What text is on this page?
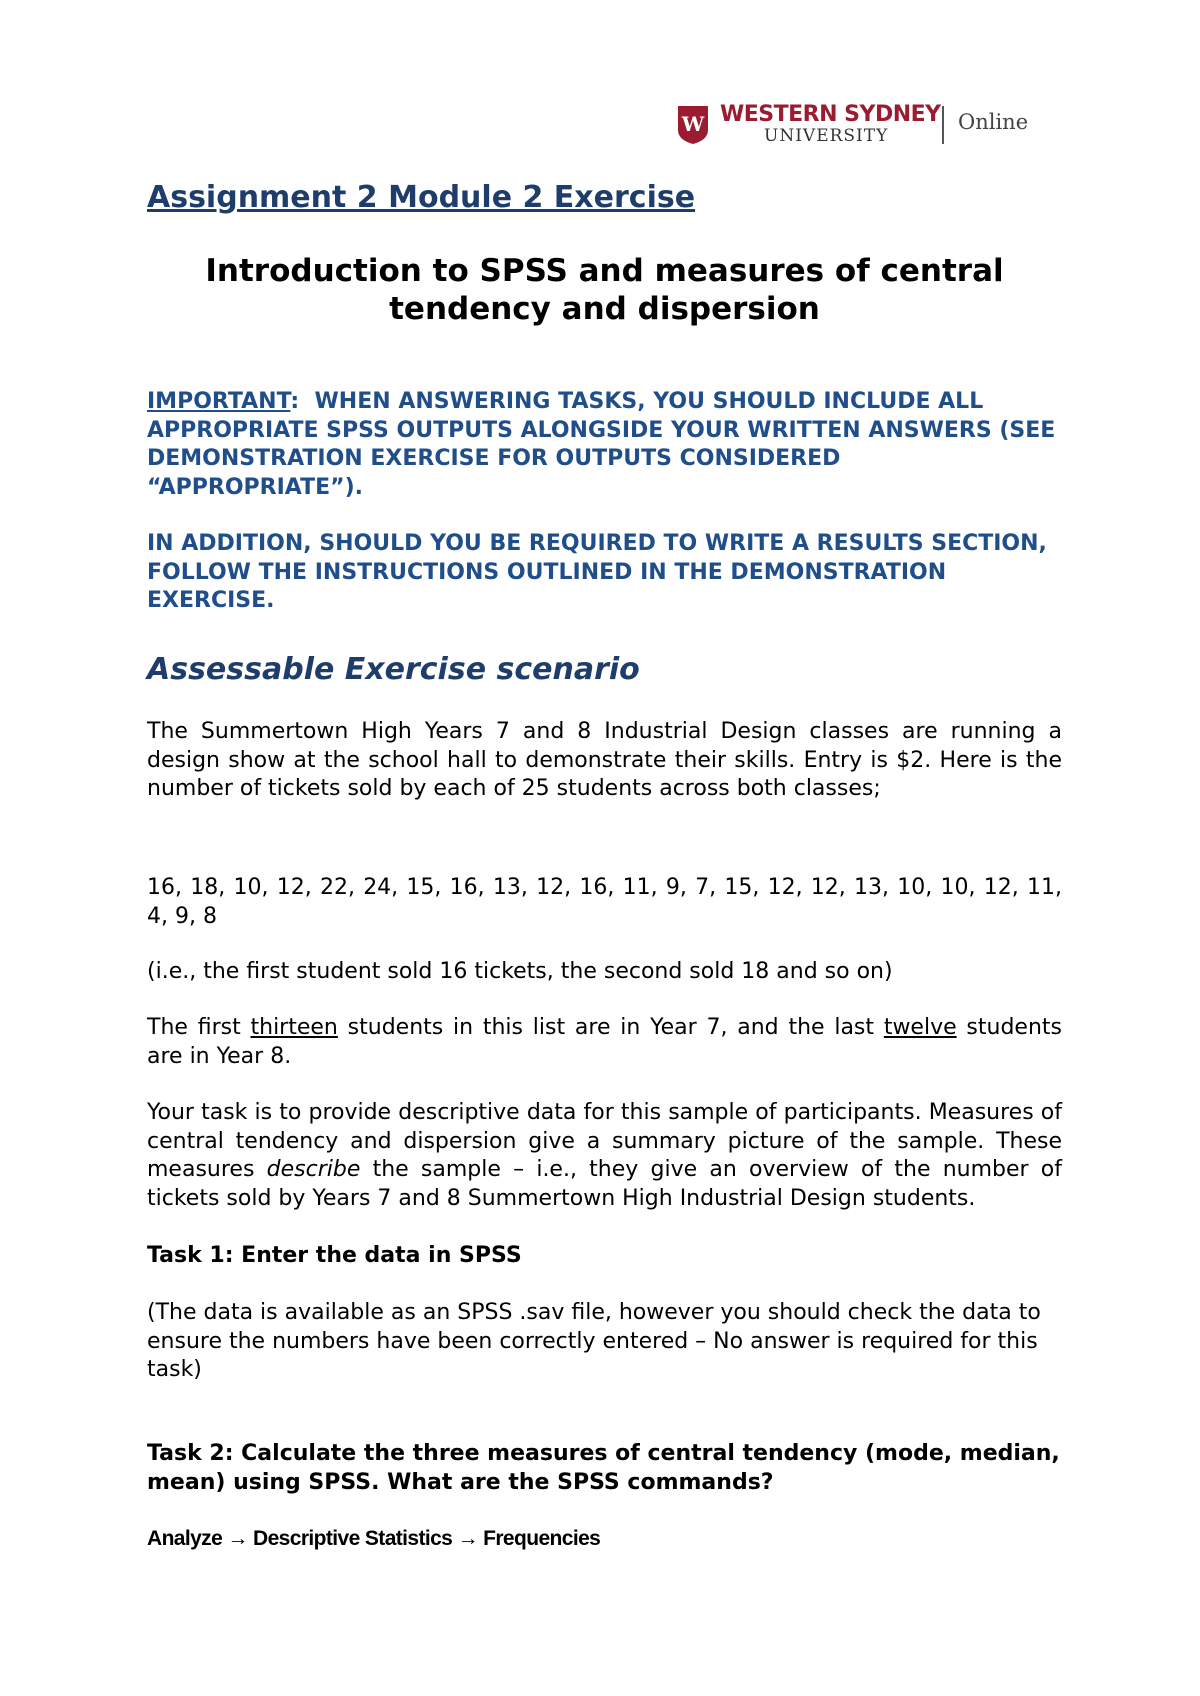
W WESTERN SYDNEY
UNIVERSITY
Online
Assignment 2 Module 2 Exercise
Introduction to SPSS and measures of central
tendency and dispersion

IMPORTANT:  WHEN ANSWERING TASKS, YOU SHOULD INCLUDE ALL APPROPRIATE SPSS OUTPUTS ALONGSIDE YOUR WRITTEN ANSWERS (SEE DEMONSTRATION EXERCISE FOR OUTPUTS CONSIDERED “APPROPRIATE”).

IN ADDITION, SHOULD YOU BE REQUIRED TO WRITE A RESULTS SECTION, FOLLOW THE INSTRUCTIONS OUTLINED IN THE DEMONSTRATION EXERCISE.

Assessable Exercise scenario

The Summertown High Years 7 and 8 Industrial Design classes are running a design show at the school hall to demonstrate their skills. Entry is $2. Here is the number of tickets sold by each of 25 students across both classes;

16, 18, 10, 12, 22, 24, 15, 16, 13, 12, 16, 11, 9, 7, 15, 12, 12, 13, 10, 10, 12, 11, 4, 9, 8

(i.e., the first student sold 16 tickets, the second sold 18 and so on)

The first thirteen students in this list are in Year 7, and the last twelve students are in Year 8.

Your task is to provide descriptive data for this sample of participants. Measures of central tendency and dispersion give a summary picture of the sample. These measures describe the sample – i.e., they give an overview of the number of tickets sold by Years 7 and 8 Summertown High Industrial Design students.

Task 1: Enter the data in SPSS

(The data is available as an SPSS .sav file, however you should check the data to ensure the numbers have been correctly entered – No answer is required for this task)

Task 2: Calculate the three measures of central tendency (mode, median, mean) using SPSS. What are the SPSS commands?

Analyze → Descriptive Statistics → Frequencies
